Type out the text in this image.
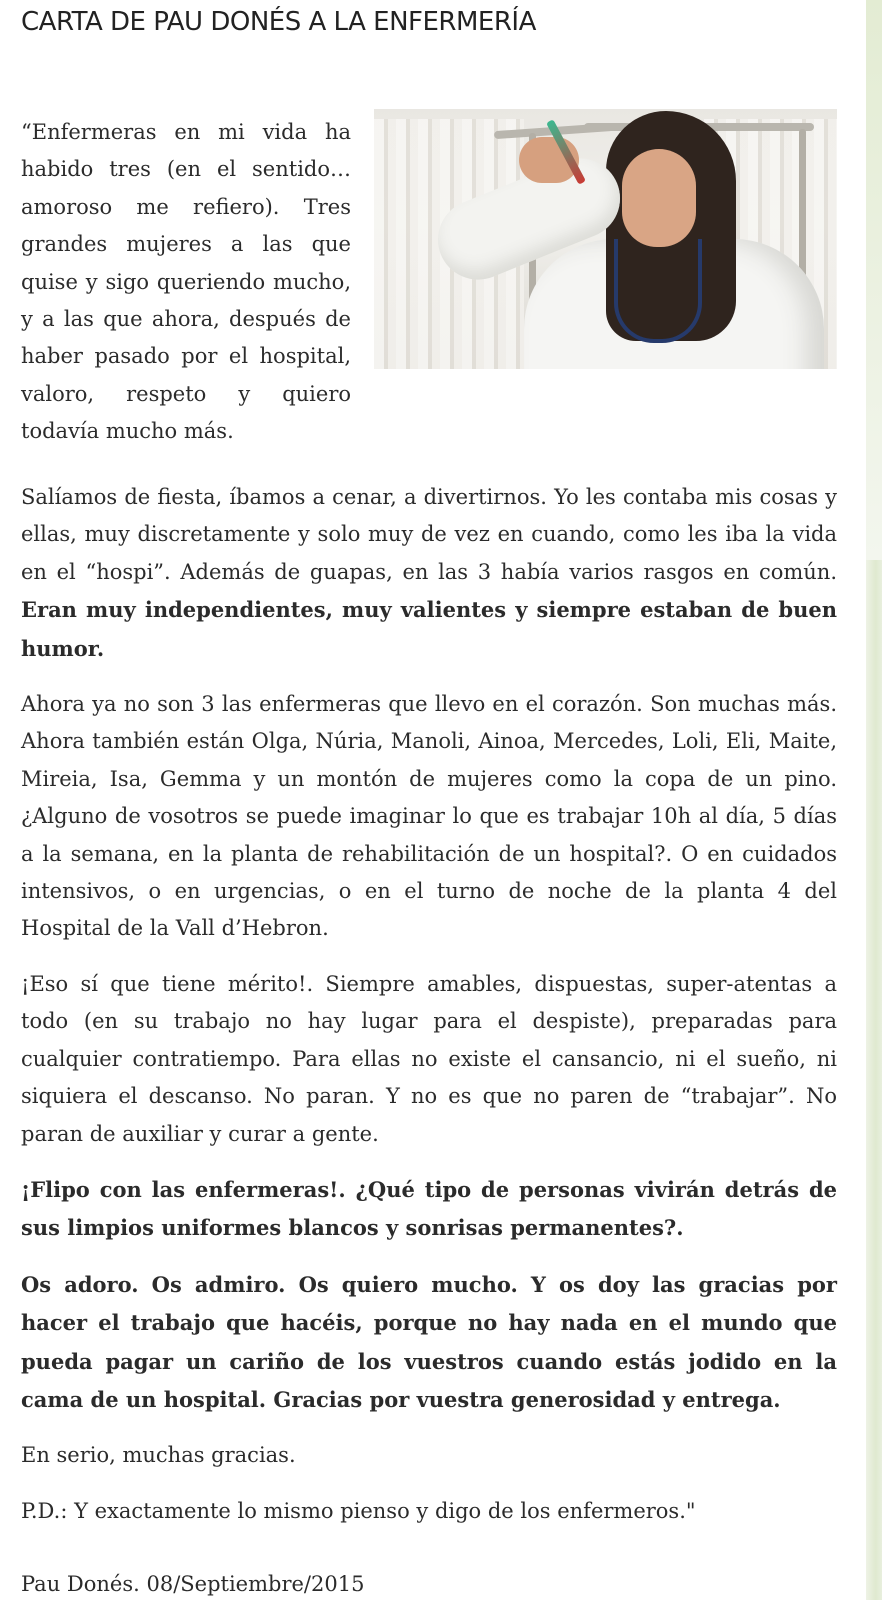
CARTA DE PAU DONÉS A LA ENFERMERÍA

“Enfermeras en mi vida ha habido tres (en el sentido… amoroso me refiero). Tres grandes mujeres a las que quise y sigo queriendo mucho, y a las que ahora, después de haber pasado por el hospital, valoro, respeto y quiero todavía mucho más.

Salíamos de fiesta, íbamos a cenar, a divertirnos. Yo les contaba mis cosas y ellas, muy discretamente y solo muy de vez en cuando, como les iba la vida en el “hospi”. Además de guapas, en las 3 había varios rasgos en común. Eran muy independientes, muy valientes y siempre estaban de buen humor.

Ahora ya no son 3 las enfermeras que llevo en el corazón. Son muchas más. Ahora también están Olga, Núria, Manoli, Ainoa, Mercedes, Loli, Eli, Maite, Mireia, Isa, Gemma y un montón de mujeres como la copa de un pino. ¿Alguno de vosotros se puede imaginar lo que es trabajar 10h al día, 5 días a la semana, en la planta de rehabilitación de un hospital?. O en cuidados intensivos, o en urgencias, o en el turno de noche de la planta 4 del Hospital de la Vall d’Hebron.

¡Eso sí que tiene mérito!. Siempre amables, dispuestas, super-atentas a todo (en su trabajo no hay lugar para el despiste), preparadas para cualquier contratiempo. Para ellas no existe el cansancio, ni el sueño, ni siquiera el descanso. No paran. Y no es que no paren de “trabajar”. No paran de auxiliar y curar a gente.

¡Flipo con las enfermeras!. ¿Qué tipo de personas vivirán detrás de sus limpios uniformes blancos y sonrisas permanentes?.

Os adoro. Os admiro. Os quiero mucho. Y os doy las gracias por hacer el trabajo que hacéis, porque no hay nada en el mundo que pueda pagar un cariño de los vuestros cuando estás jodido en la cama de un hospital. Gracias por vuestra generosidad y entrega.

En serio, muchas gracias.

P.D.: Y exactamente lo mismo pienso y digo de los enfermeros."

Pau Donés. 08/Septiembre/2015
